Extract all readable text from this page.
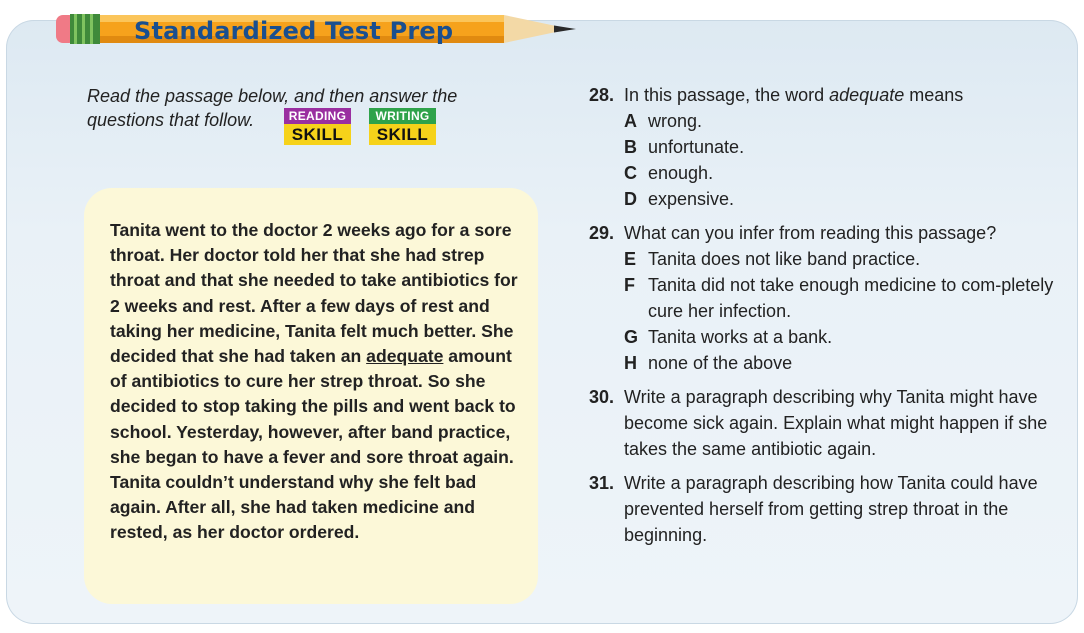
Standardized Test Prep
Read the passage below, and then answer the
questions that follow.	READING
SKILL
WRITING
SKILL
Tanita went to the doctor 2 weeks ago for a sore throat. Her doctor told her that she had strep throat and that she needed to take antibiotics for 2 weeks and rest. After a few days of rest and taking her medicine, Tanita felt much better. She decided that she had taken an adequate amount of antibiotics to cure her strep throat. So she decided to stop taking the pills and went back to school. Yesterday, however, after band practice, she began to have a fever and sore throat again. Tanita couldn’t understand why she felt bad again. After all, she had taken medicine and rested, as her doctor ordered.
28. In this passage, the word adequate means
A wrong.
B unfortunate.
C enough.
D expensive.
29. What can you infer from reading this passage?
E Tanita does not like band practice.
F Tanita did not take enough medicine to com-pletely cure her infection.
G Tanita works at a bank.
H none of the above
30. Write a paragraph describing why Tanita might have become sick again. Explain what might happen if she takes the same antibiotic again.
31. Write a paragraph describing how Tanita could have prevented herself from getting strep throat in the beginning.
